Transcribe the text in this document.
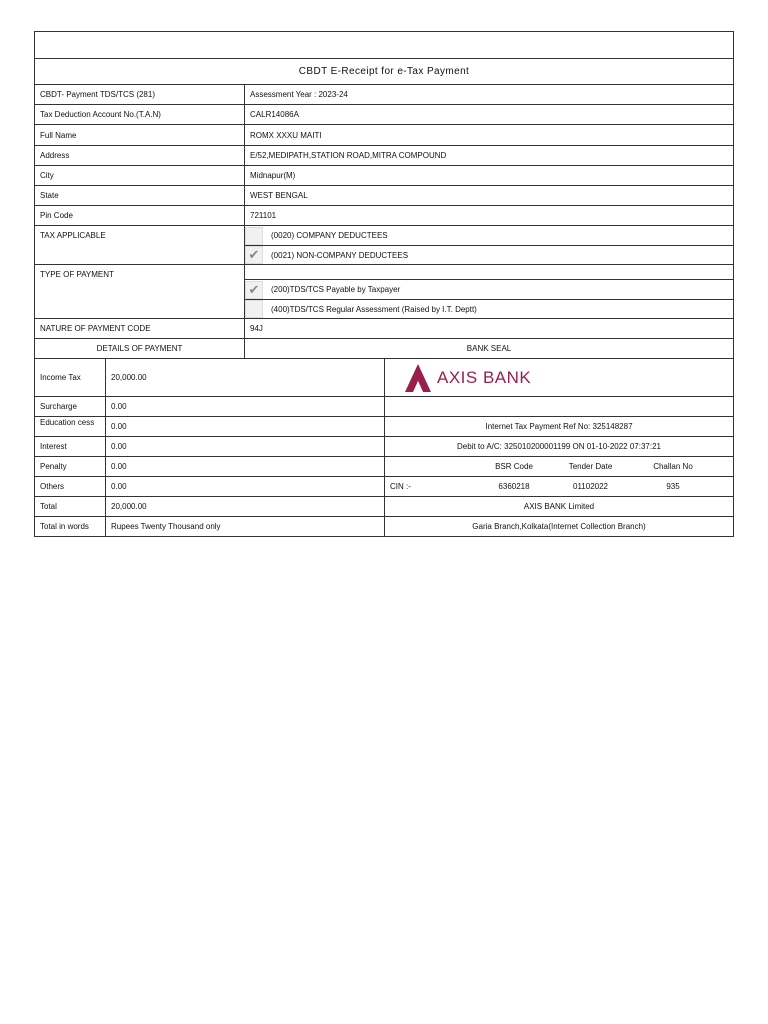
CBDT E-Receipt for e-Tax Payment
CBDT- Payment TDS/TCS (281)	Assessment Year : 2023-24
Tax Deduction Account No.(T.A.N)	CALR14086A
Full Name	ROMX XXXU MAITI
Address	E/52,MEDIPATH,STATION ROAD,MITRA COMPOUND
City	Midnapur(M)
State	WEST BENGAL
Pin Code	721101
TAX APPLICABLE	(0020) COMPANY DEDUCTEES
✔ (0021) NON-COMPANY DEDUCTEES
TYPE OF PAYMENT
✔ (200)TDS/TCS Payable by Taxpayer
(400)TDS/TCS Regular Assessment (Raised by I.T. Deptt)
NATURE OF PAYMENT CODE	94J
DETAILS OF PAYMENT	BANK SEAL
Income Tax	20,000.00	AXIS BANK
Surcharge	0.00
Education cess	0.00	Internet Tax Payment Ref No: 325148287
Interest	0.00	Debit to A/C: 325010200001199 ON 01-10-2022 07:37:21
Penalty	0.00	BSR Code	Tender Date	Challan No
Others	0.00	CIN :-	6360218	01102022	935
Total	20,000.00	AXIS BANK Limited
Total in words	Rupees Twenty Thousand only	Garia Branch,Kolkata(Internet Collection Branch)
